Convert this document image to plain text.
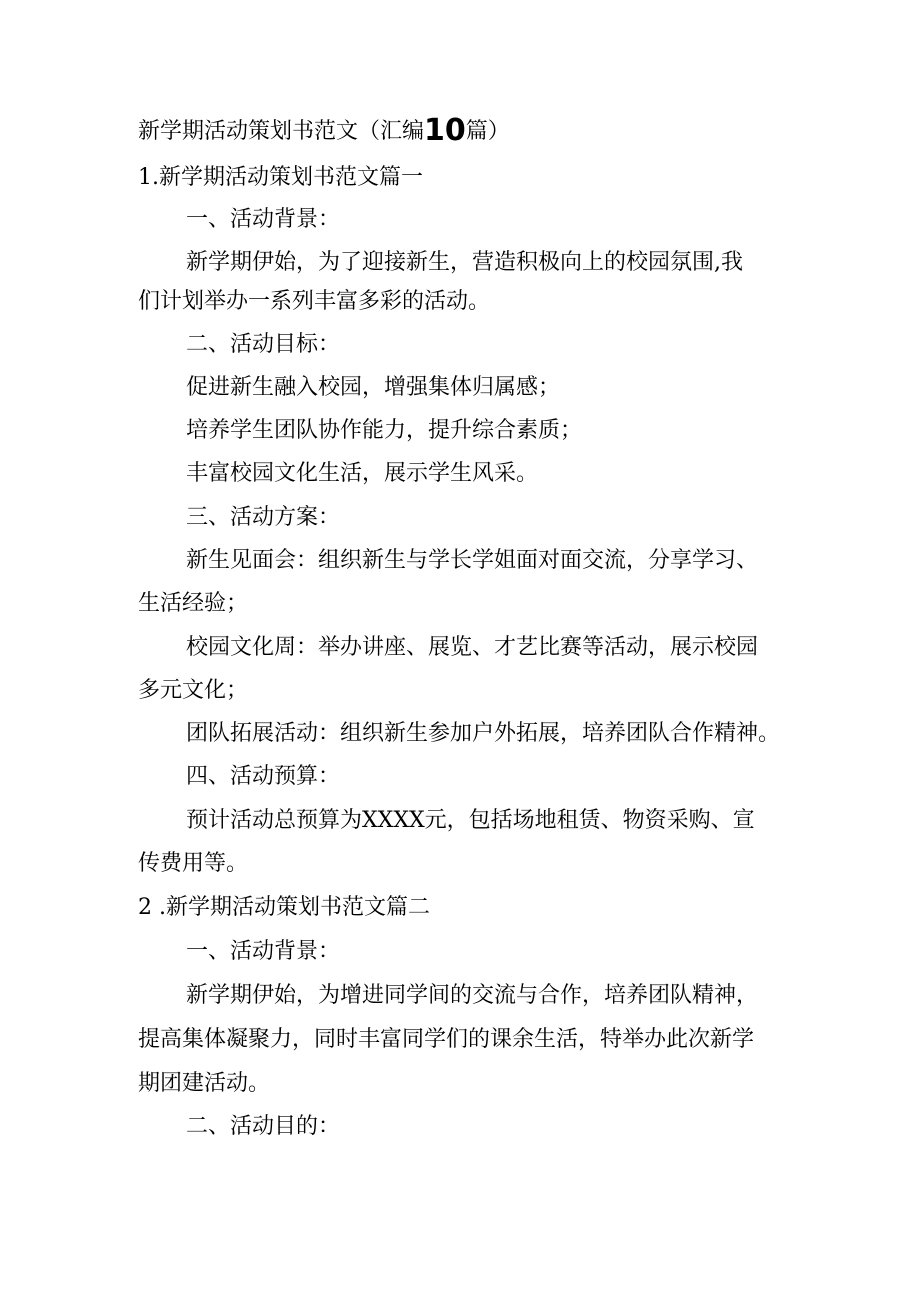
新学期活动策划书范文（汇编10篇）
1.新学期活动策划书范文篇一
一、活动背景：
新学期伊始，为了迎接新生，营造积极向上的校园氛围,我
们计划举办一系列丰富多彩的活动。
二、活动目标：
促进新生融入校园，增强集体归属感；
培养学生团队协作能力，提升综合素质；
丰富校园文化生活，展示学生风采。
三、活动方案：
新生见面会：组织新生与学长学姐面对面交流，分享学习、
生活经验；
校园文化周：举办讲座、展览、才艺比赛等活动，展示校园
多元文化；
团队拓展活动：组织新生参加户外拓展，培养团队合作精神。
四、活动预算：
预计活动总预算为XXXX元，包括场地租赁、物资采购、宣
传费用等。
2 .新学期活动策划书范文篇二
一、活动背景：
新学期伊始，为增进同学间的交流与合作，培养团队精神，
提高集体凝聚力，同时丰富同学们的课余生活，特举办此次新学
期团建活动。
二、活动目的：
